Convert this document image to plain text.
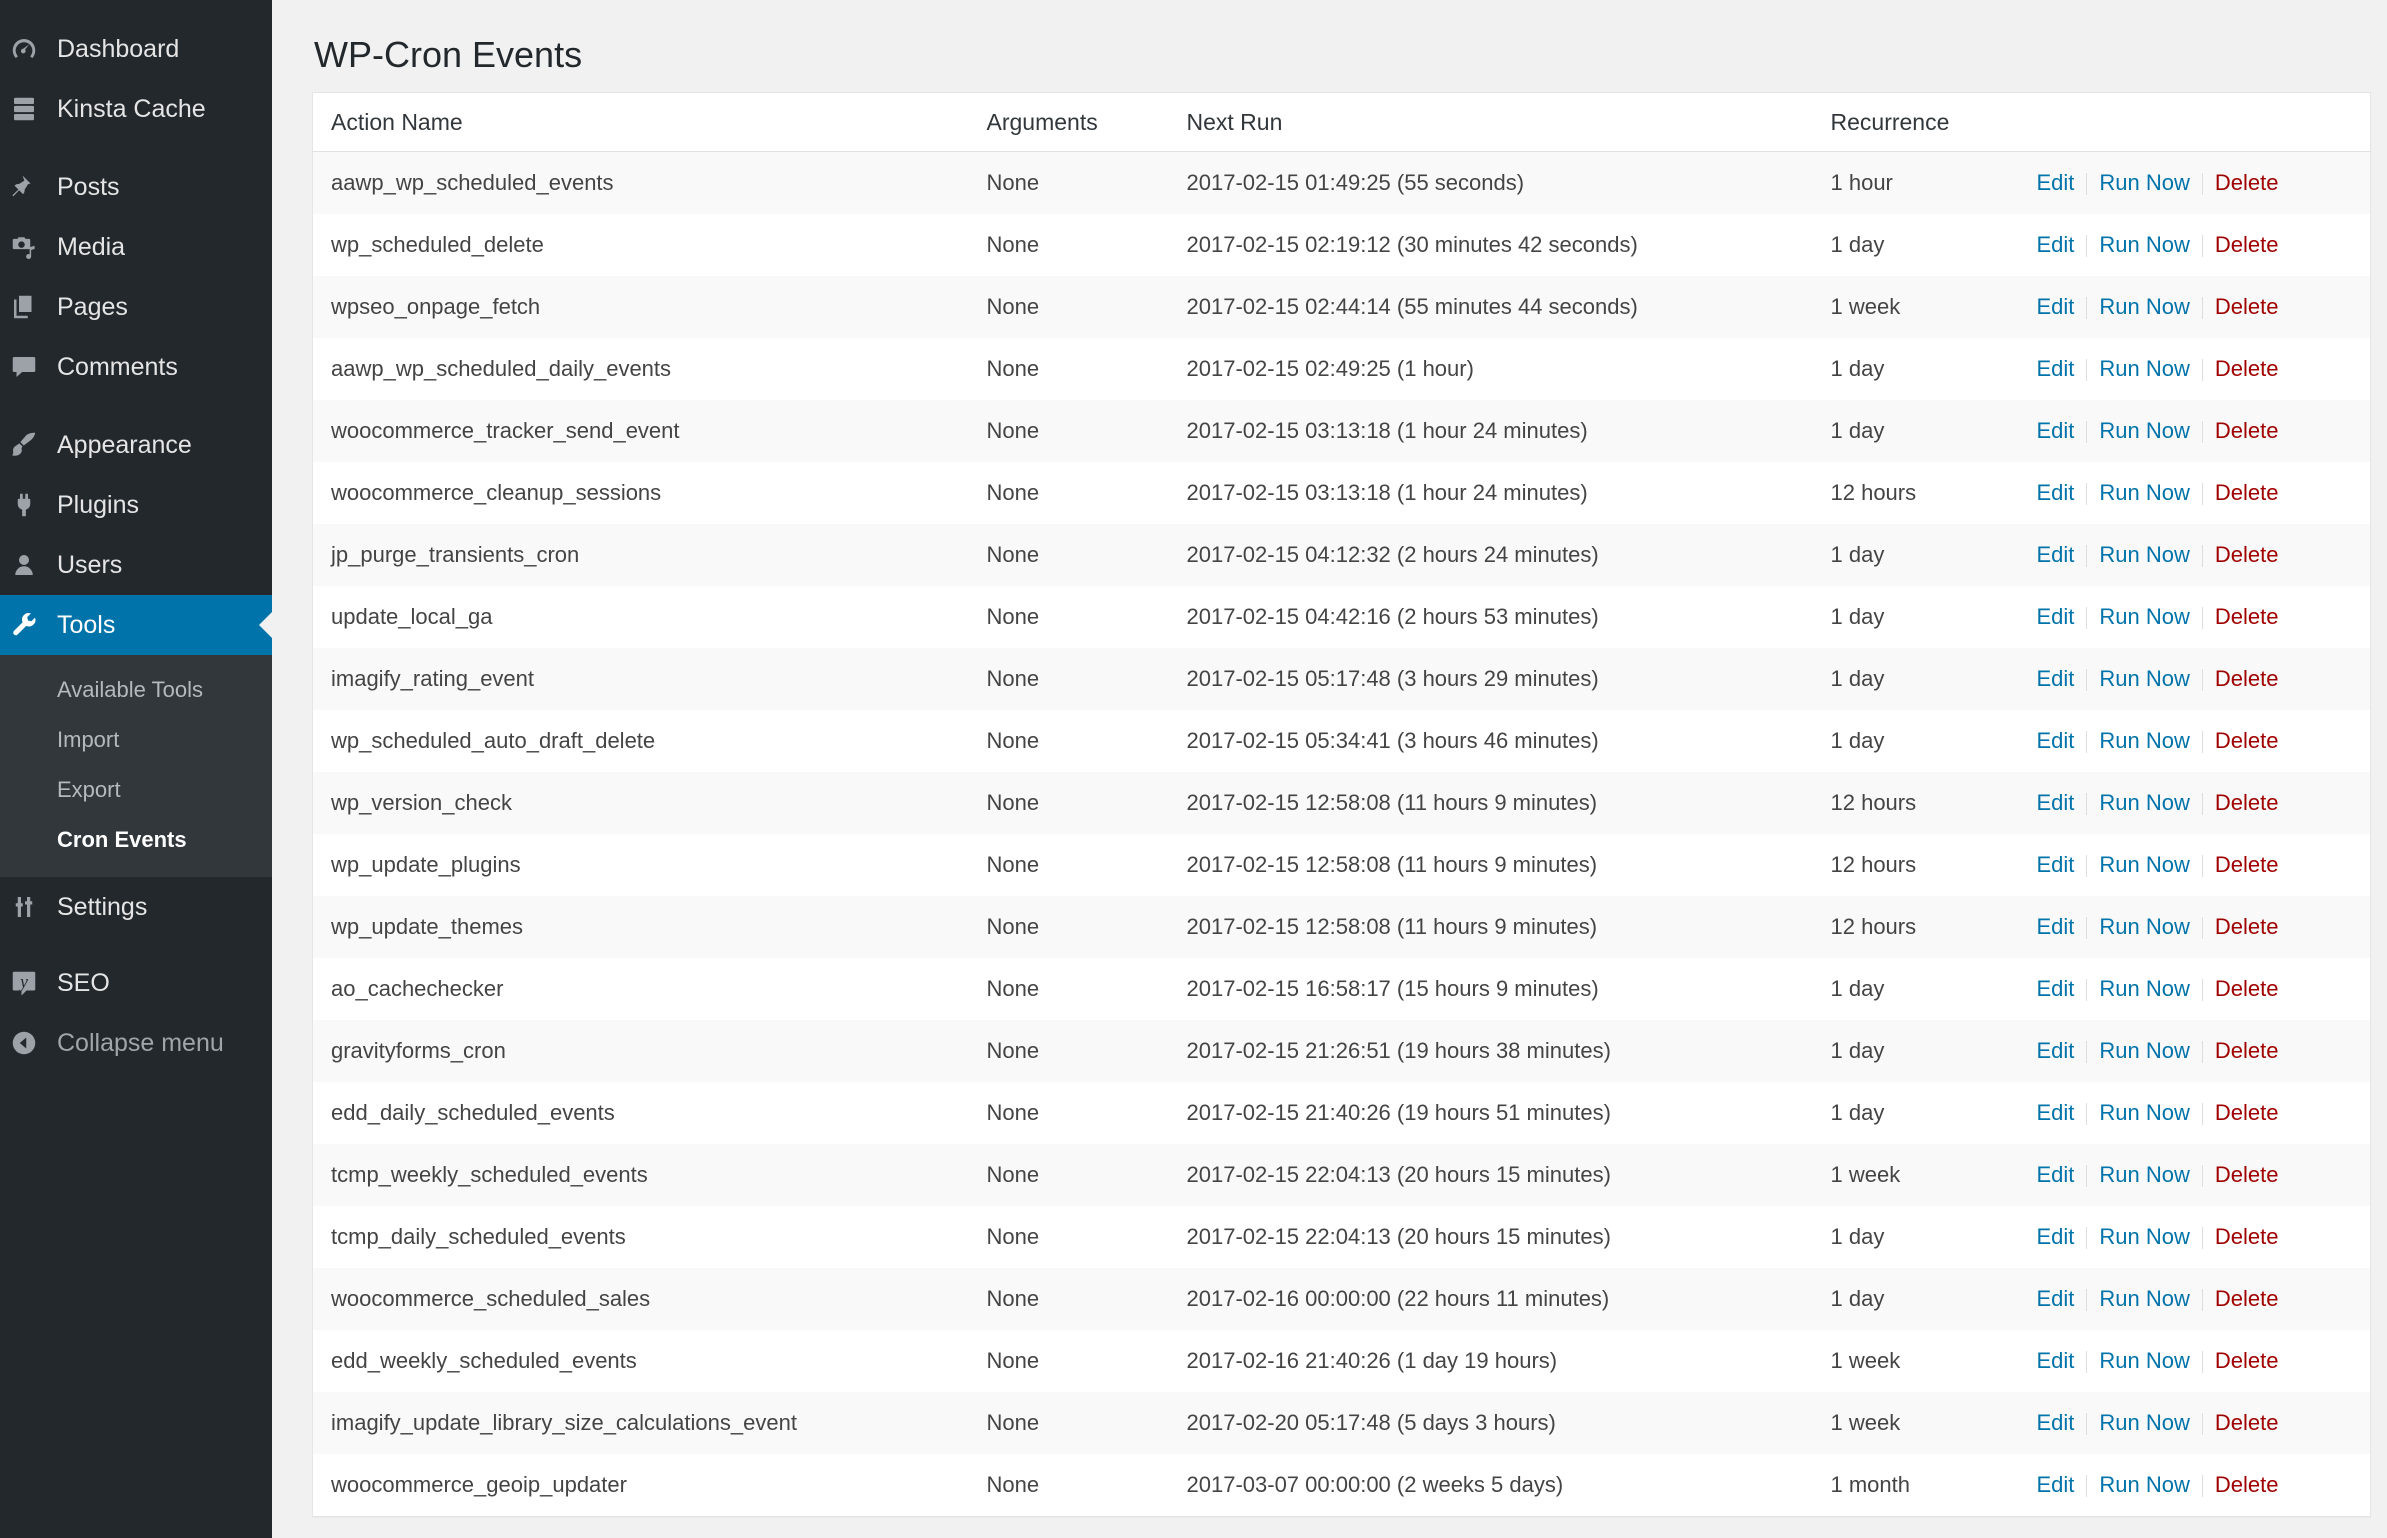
Dashboard
Kinsta Cache
Posts
Media
Pages
Comments
Appearance
Plugins
Users
Tools
Available Tools
Import
Export
Cron Events
Settings
y SEO
Collapse menu
WP-Cron Events
Action Name	Arguments	Next Run	Recurrence	
aawp_wp_scheduled_events	None	2017-02-15 01:49:25 (55 seconds)	1 hour	Edit Run Now Delete
wp_scheduled_delete	None	2017-02-15 02:19:12 (30 minutes 42 seconds)	1 day	Edit Run Now Delete
wpseo_onpage_fetch	None	2017-02-15 02:44:14 (55 minutes 44 seconds)	1 week	Edit Run Now Delete
aawp_wp_scheduled_daily_events	None	2017-02-15 02:49:25 (1 hour)	1 day	Edit Run Now Delete
woocommerce_tracker_send_event	None	2017-02-15 03:13:18 (1 hour 24 minutes)	1 day	Edit Run Now Delete
woocommerce_cleanup_sessions	None	2017-02-15 03:13:18 (1 hour 24 minutes)	12 hours	Edit Run Now Delete
jp_purge_transients_cron	None	2017-02-15 04:12:32 (2 hours 24 minutes)	1 day	Edit Run Now Delete
update_local_ga	None	2017-02-15 04:42:16 (2 hours 53 minutes)	1 day	Edit Run Now Delete
imagify_rating_event	None	2017-02-15 05:17:48 (3 hours 29 minutes)	1 day	Edit Run Now Delete
wp_scheduled_auto_draft_delete	None	2017-02-15 05:34:41 (3 hours 46 minutes)	1 day	Edit Run Now Delete
wp_version_check	None	2017-02-15 12:58:08 (11 hours 9 minutes)	12 hours	Edit Run Now Delete
wp_update_plugins	None	2017-02-15 12:58:08 (11 hours 9 minutes)	12 hours	Edit Run Now Delete
wp_update_themes	None	2017-02-15 12:58:08 (11 hours 9 minutes)	12 hours	Edit Run Now Delete
ao_cachechecker	None	2017-02-15 16:58:17 (15 hours 9 minutes)	1 day	Edit Run Now Delete
gravityforms_cron	None	2017-02-15 21:26:51 (19 hours 38 minutes)	1 day	Edit Run Now Delete
edd_daily_scheduled_events	None	2017-02-15 21:40:26 (19 hours 51 minutes)	1 day	Edit Run Now Delete
tcmp_weekly_scheduled_events	None	2017-02-15 22:04:13 (20 hours 15 minutes)	1 week	Edit Run Now Delete
tcmp_daily_scheduled_events	None	2017-02-15 22:04:13 (20 hours 15 minutes)	1 day	Edit Run Now Delete
woocommerce_scheduled_sales	None	2017-02-16 00:00:00 (22 hours 11 minutes)	1 day	Edit Run Now Delete
edd_weekly_scheduled_events	None	2017-02-16 21:40:26 (1 day 19 hours)	1 week	Edit Run Now Delete
imagify_update_library_size_calculations_event	None	2017-02-20 05:17:48 (5 days 3 hours)	1 week	Edit Run Now Delete
woocommerce_geoip_updater	None	2017-03-07 00:00:00 (2 weeks 5 days)	1 month	Edit Run Now Delete
